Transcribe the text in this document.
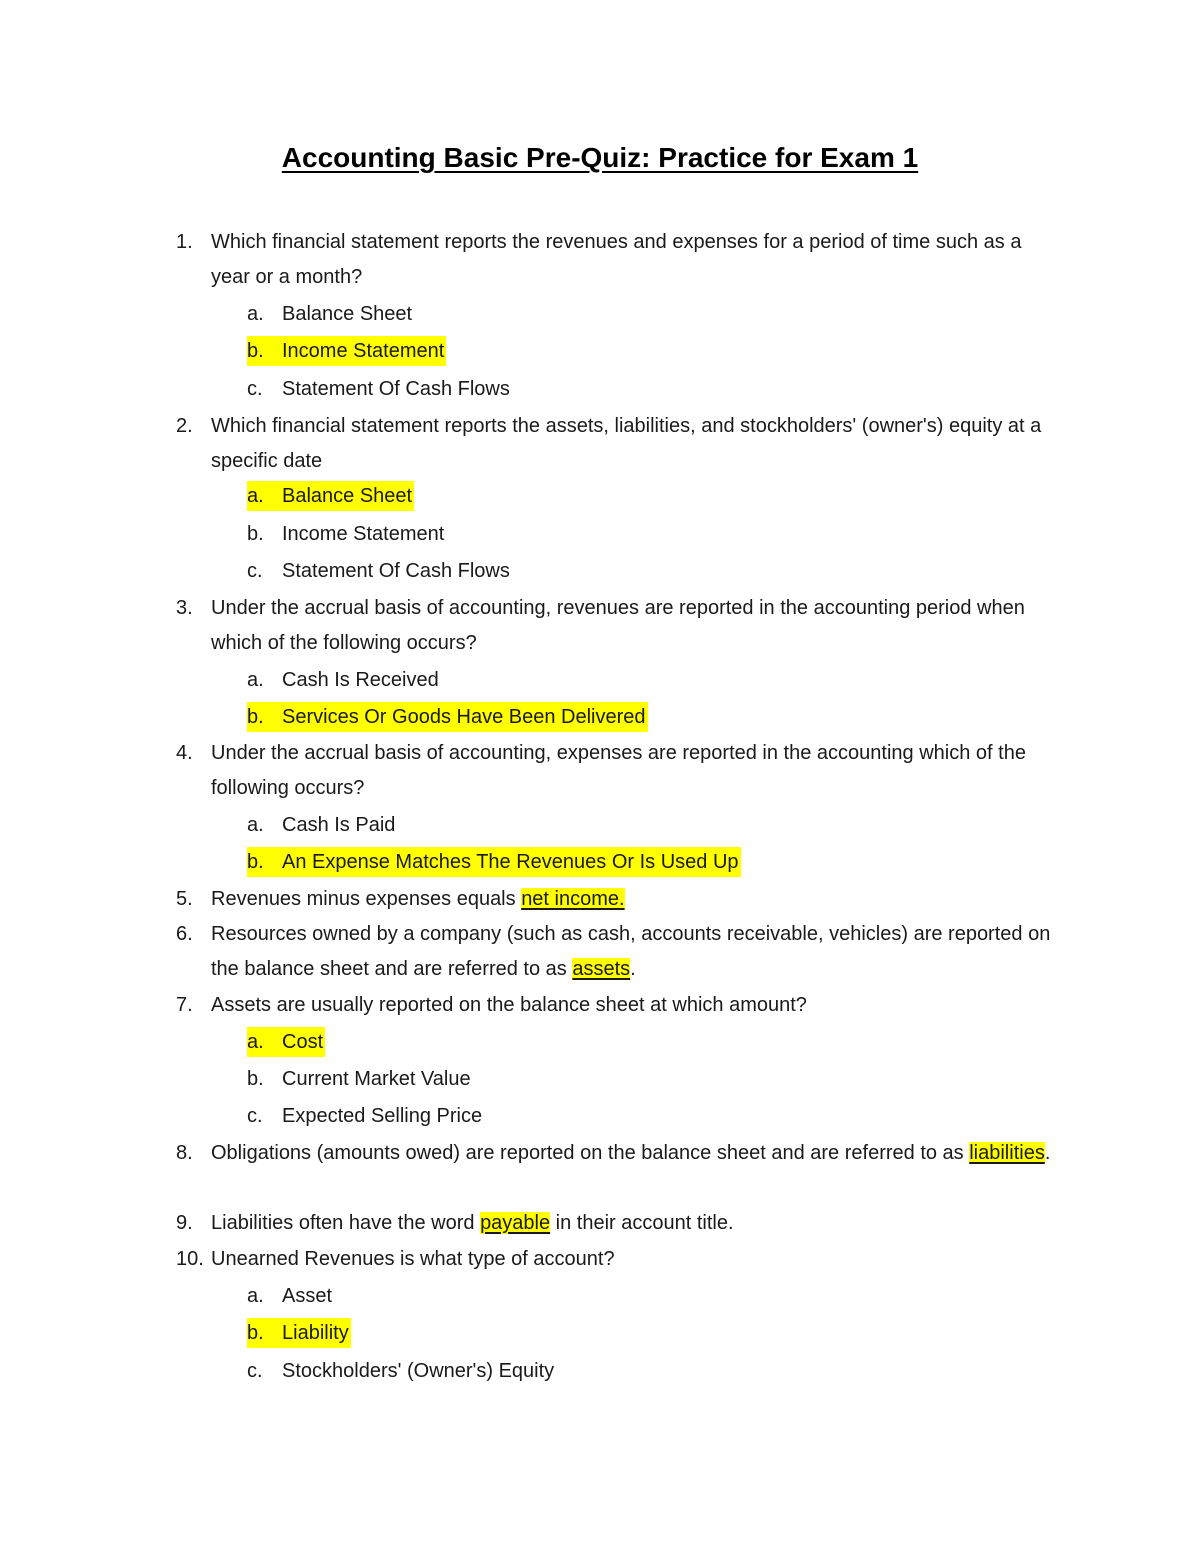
Accounting Basic Pre-Quiz: Practice for Exam 1
1. Which financial statement reports the revenues and expenses for a period of time such as a year or a month?
a. Balance Sheet
b. Income Statement
c. Statement Of Cash Flows
2. Which financial statement reports the assets, liabilities, and stockholders' (owner's) equity at a specific date
a. Balance Sheet
b. Income Statement
c. Statement Of Cash Flows
3. Under the accrual basis of accounting, revenues are reported in the accounting period when which of the following occurs?
a. Cash Is Received
b. Services Or Goods Have Been Delivered
4. Under the accrual basis of accounting, expenses are reported in the accounting which of the following occurs?
a. Cash Is Paid
b. An Expense Matches The Revenues Or Is Used Up
5. Revenues minus expenses equals net income.
6. Resources owned by a company (such as cash, accounts receivable, vehicles) are reported on the balance sheet and are referred to as assets.
7. Assets are usually reported on the balance sheet at which amount?
a. Cost
b. Current Market Value
c. Expected Selling Price
8. Obligations (amounts owed) are reported on the balance sheet and are referred to as liabilities.
9. Liabilities often have the word payable in their account title.
10. Unearned Revenues is what type of account?
a. Asset
b. Liability
c. Stockholders' (Owner's) Equity
